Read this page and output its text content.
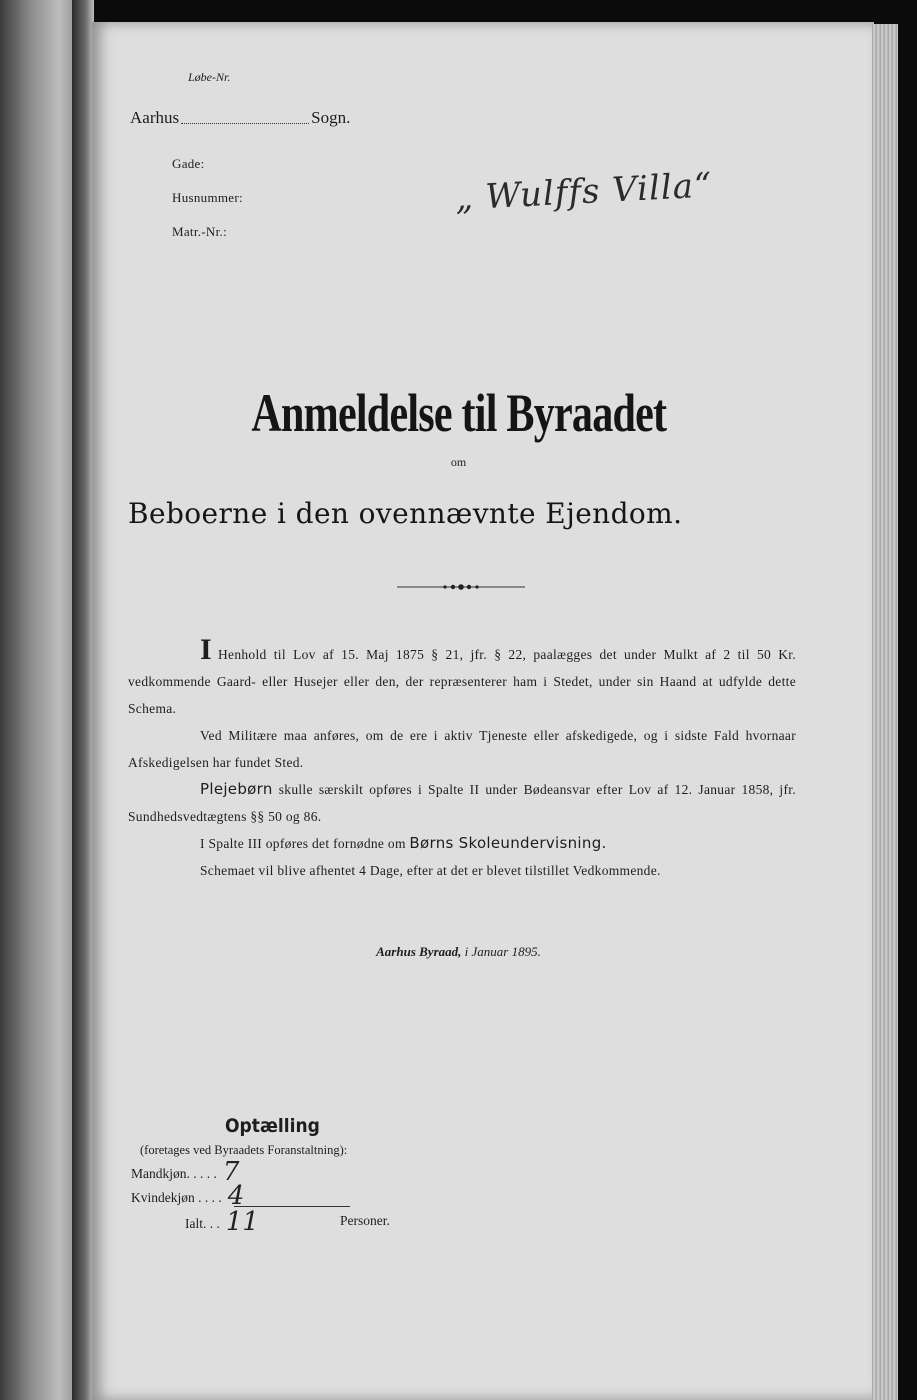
Løbe-Nr.
Aarhus	Sogn.
Gade:
Husnummer:
Matr.-Nr.:
„ Wulffs Villa“
Anmeldelse til Byraadet
om
Beboerne i den ovennævnte Ejendom.

I Henhold til Lov af 15. Maj 1875 § 21, jfr. § 22, paalægges det under Mulkt af 2 til 50 Kr. vedkommende Gaard- eller Husejer eller den, der repræsenterer ham i Stedet, under sin Haand at udfylde dette Schema.

Ved Militære maa anføres, om de ere i aktiv Tjeneste eller afskedigede, og i sidste Fald hvornaar Afskedigelsen har fundet Sted.

Plejebørn skulle særskilt opføres i Spalte II under Bødeansvar efter Lov af 12. Januar 1858, jfr. Sundhedsvedtægtens §§ 50 og 86.

I Spalte III opføres det fornødne om Børns Skoleundervisning.

Schemaet vil blive afhentet 4 Dage, efter at det er blevet tilstillet Vedkommende.

Aarhus Byraad, i Januar 1895.
Optælling
(foretages ved Byraadets Foranstaltning):
Mandkjøn. . . . . 7
Kvindekjøn . . . . 4
Ialt. . . 11	Personer.
